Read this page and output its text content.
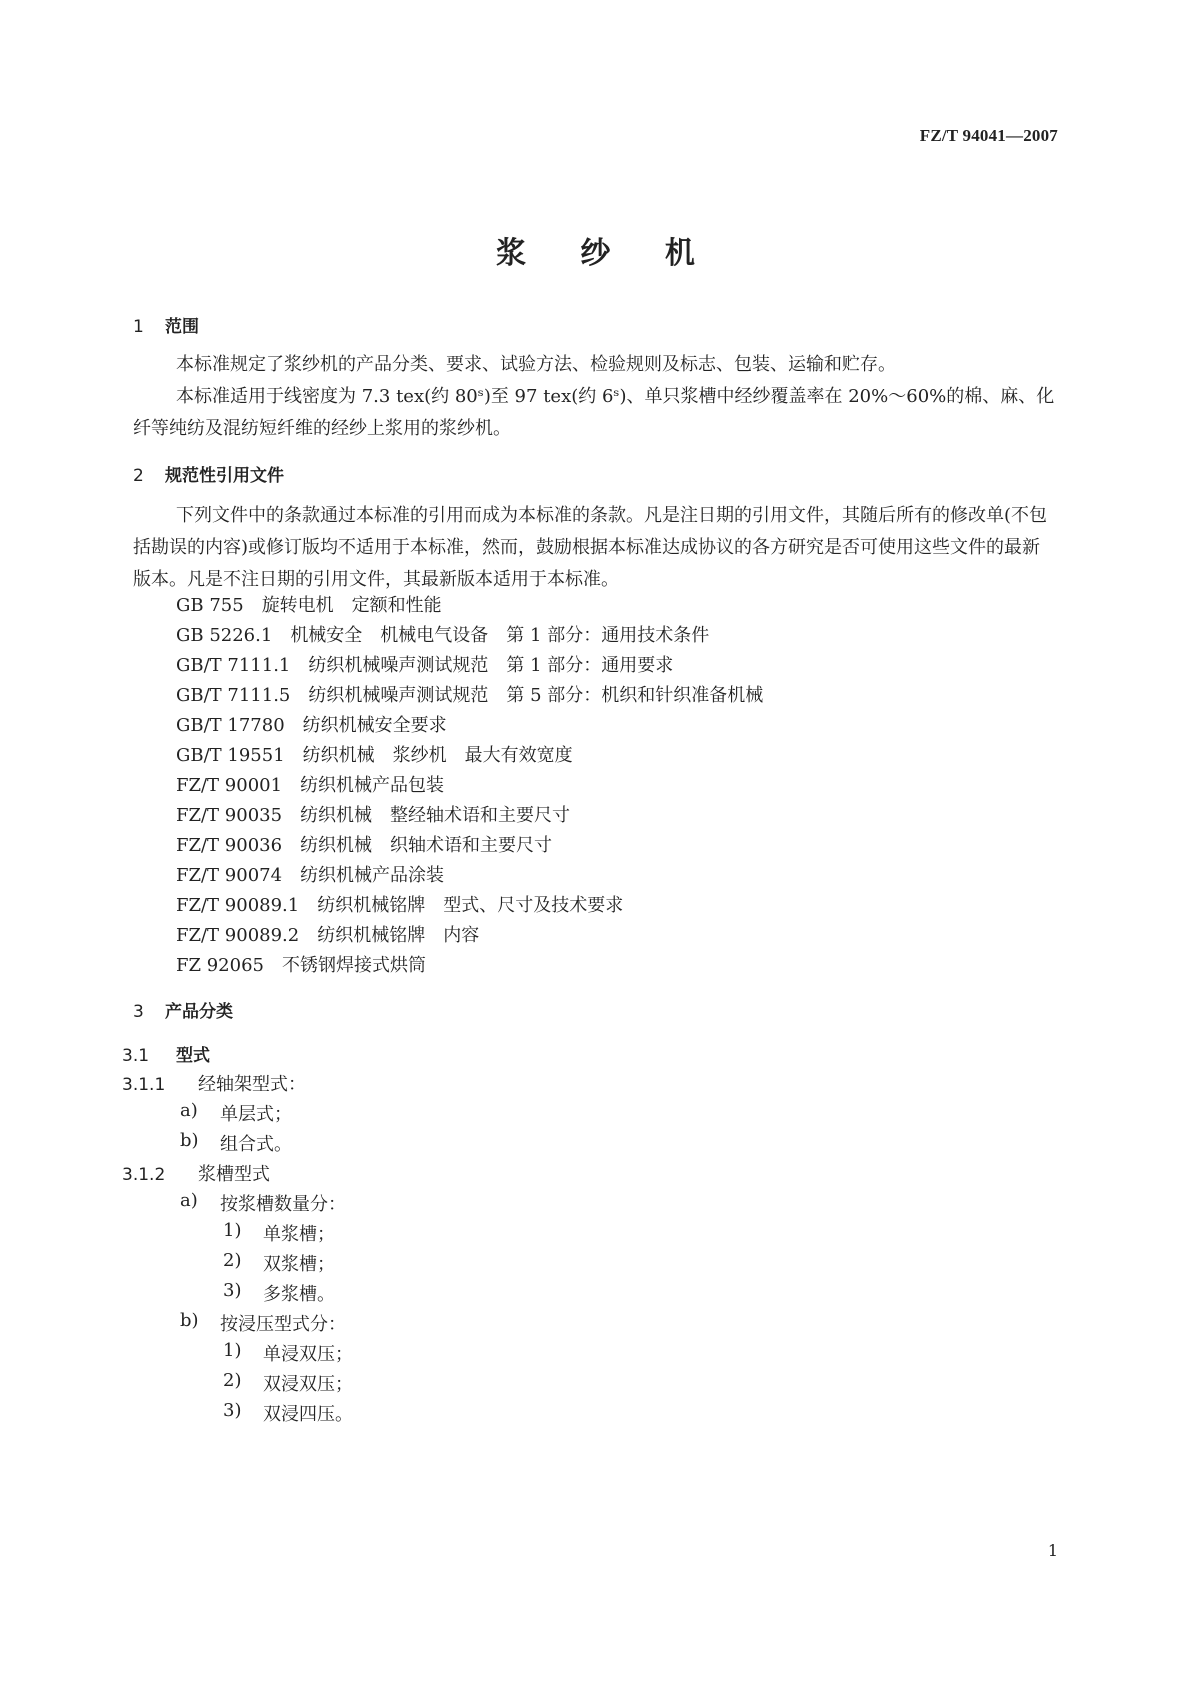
FZ/T 94041—2007
浆 纱 机
1	范围
本标准规定了浆纱机的产品分类、要求、试验方法、检验规则及标志、包装、运输和贮存。
本标准适用于线密度为 7.3 tex(约 80ˢ)至 97 tex(约 6ˢ)、单只浆槽中经纱覆盖率在 20%～60%的棉、麻、化纤等纯纺及混纺短纤维的经纱上浆用的浆纱机。
2	规范性引用文件
下列文件中的条款通过本标准的引用而成为本标准的条款。凡是注日期的引用文件，其随后所有的修改单(不包括勘误的内容)或修订版均不适用于本标准，然而，鼓励根据本标准达成协议的各方研究是否可使用这些文件的最新版本。凡是不注日期的引用文件，其最新版本适用于本标准。
GB 755　 旋转电机　定额和性能
GB 5226.1　 机械安全　机械电气设备　第 1 部分：通用技术条件
GB/T 7111.1　 纺织机械噪声测试规范　第 1 部分：通用要求
GB/T 7111.5　 纺织机械噪声测试规范　第 5 部分：机织和针织准备机械
GB/T 17780　 纺织机械安全要求
GB/T 19551　 纺织机械　浆纱机　最大有效宽度
FZ/T 90001　 纺织机械产品包装
FZ/T 90035　 纺织机械　整经轴术语和主要尺寸
FZ/T 90036　 纺织机械　织轴术语和主要尺寸
FZ/T 90074　 纺织机械产品涂装
FZ/T 90089.1　 纺织机械铭牌　型式、尺寸及技术要求
FZ/T 90089.2　 纺织机械铭牌　内容
FZ 92065　 不锈钢焊接式烘筒
3	产品分类
3.1	型式
3.1.1	经轴架型式：
a)	单层式；
b)	组合式。
3.1.2	浆槽型式
a)	按浆槽数量分：
1)	单浆槽；
2)	双浆槽；
3)	多浆槽。
b)	按浸压型式分：
1)	单浸双压；
2)	双浸双压；
3)	双浸四压。
1
